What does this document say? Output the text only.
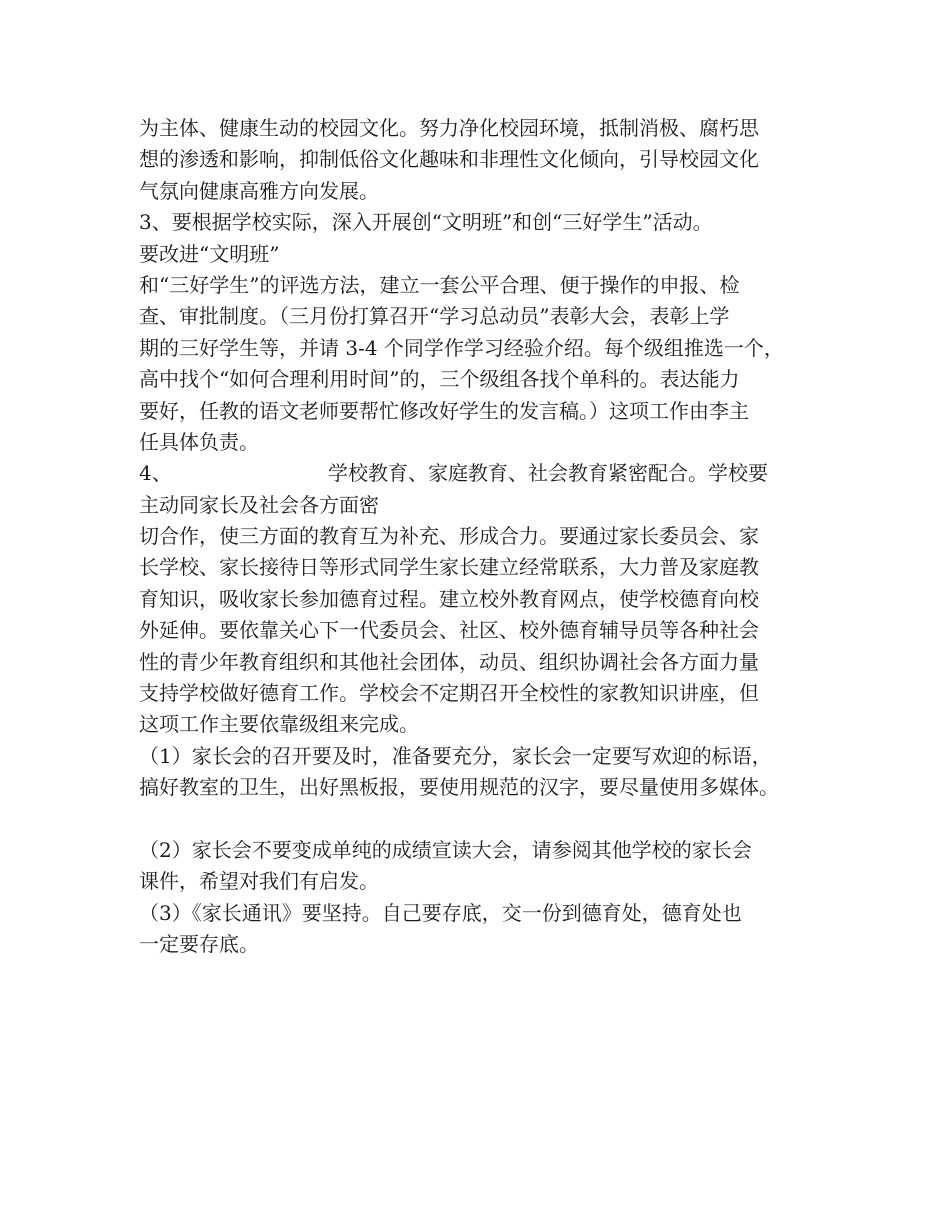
为主体、健康生动的校园文化。努力净化校园环境，抵制消极、腐朽思
想的渗透和影响，抑制低俗文化趣味和非理性文化倾向，引导校园文化
气氛向健康高雅方向发展。
3、要根据学校实际，深入开展创“文明班”和创“三好学生”活动。
要改进“文明班”
和“三好学生”的评选方法，建立一套公平合理、便于操作的申报、检
查、审批制度。（三月份打算召开“学习总动员”表彰大会，表彰上学
期的三好学生等，并请 3-4 个同学作学习经验介绍。每个级组推选一个，
高中找个“如何合理利用时间”的，三个级组各找个单科的。表达能力
要好，任教的语文老师要帮忙修改好学生的发言稿。）这项工作由李主
任具体负责。
4、	学校教育、家庭教育、社会教育紧密配合。学校要
主动同家长及社会各方面密
切合作，使三方面的教育互为补充、形成合力。要通过家长委员会、家
长学校、家长接待日等形式同学生家长建立经常联系，大力普及家庭教
育知识，吸收家长参加德育过程。建立校外教育网点，使学校德育向校
外延伸。要依靠关心下一代委员会、社区、校外德育辅导员等各种社会
性的青少年教育组织和其他社会团体，动员、组织协调社会各方面力量
支持学校做好德育工作。学校会不定期召开全校性的家教知识讲座，但
这项工作主要依靠级组来完成。
（1）家长会的召开要及时，准备要充分，家长会一定要写欢迎的标语，
搞好教室的卫生，出好黑板报，要使用规范的汉字，要尽量使用多媒体。
（2）家长会不要变成单纯的成绩宣读大会，请参阅其他学校的家长会
课件，希望对我们有启发。
（3）《家长通讯》要坚持。自己要存底，交一份到德育处，德育处也
一定要存底。
